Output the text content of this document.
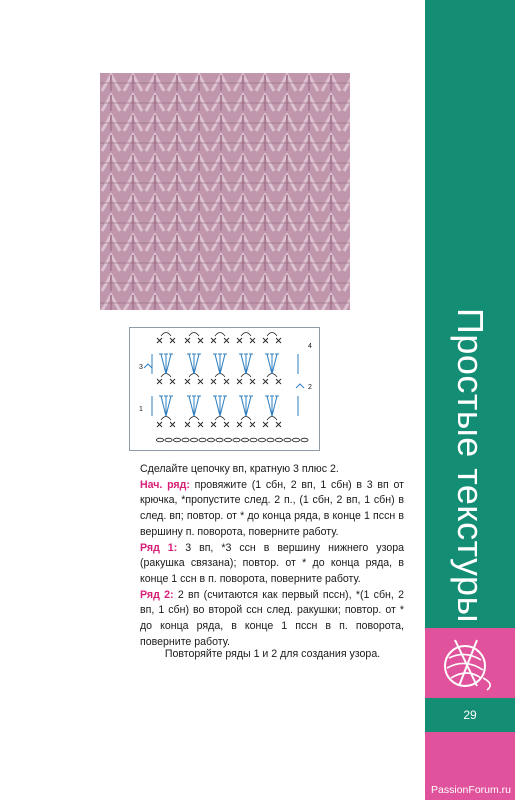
3
1
4
2

Сделайте цепочку вп, кратную 3 плюс 2.

Нач. ряд: провяжите (1 сбн, 2 вп, 1 сбн) в 3 вп от крючка, *пропустите след. 2 п., (1 сбн, 2 вп, 1 сбн) в след. вп; повтор. от * до конца ряда, в конце 1 пссн в вершину п. поворота, поверните работу.

Ряд 1: 3 вп, *3 ссн в вершину нижнего узора (ракушка связана); повтор. от * до конца ряда, в конце 1 ссн в п. поворота, поверните работу.

Ряд 2: 2 вп (считаются как первый пссн), *(1 сбн, 2 вп, 1 сбн) во второй ссн след. ракушки; повтор. от * до конца ряда, в конце 1 пссн в п. поворота, поверните работу.

Повторяйте ряды 1 и 2 для создания узора.
Простые текстуры
29
PassionForum.ru
